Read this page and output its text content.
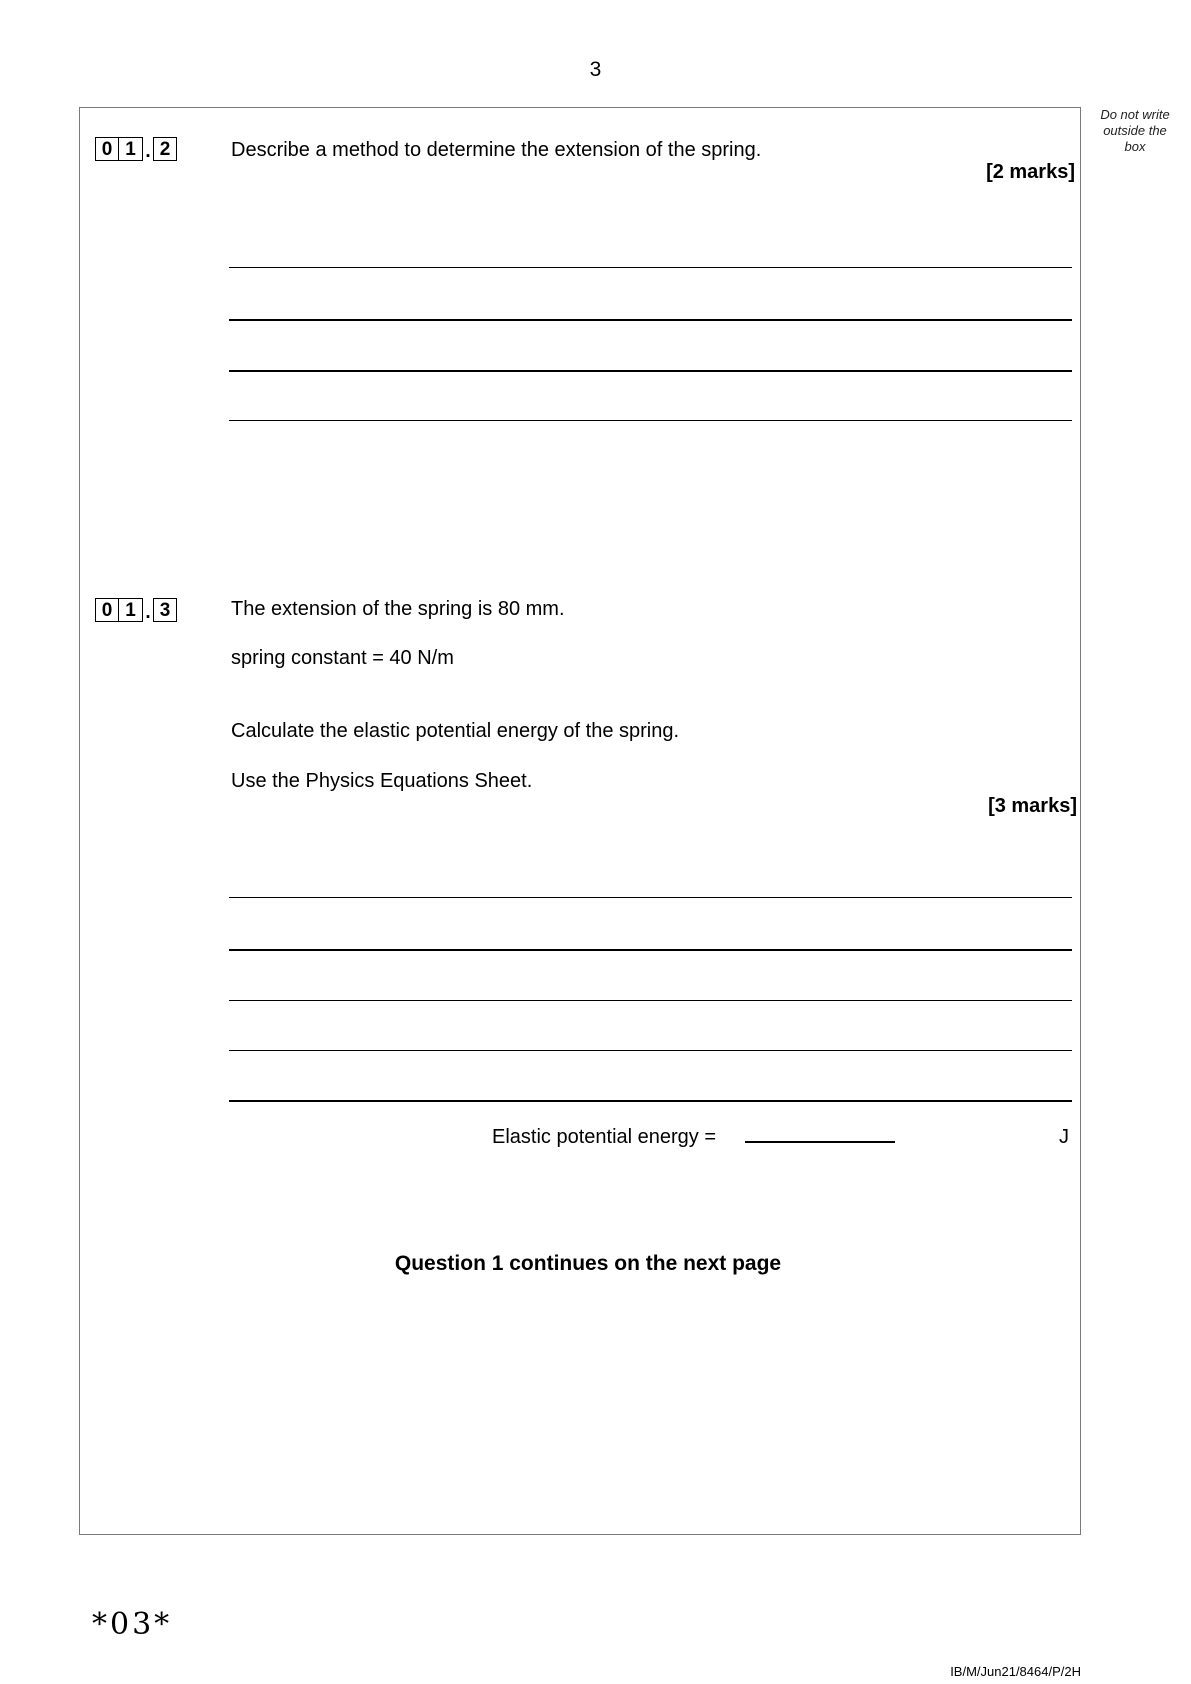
3
Do not write outside the box
0 1 . 2	Describe a method to determine the extension of the spring.
[2 marks]
0 1 . 3	The extension of the spring is 80 mm.
spring constant = 40 N/m
Calculate the elastic potential energy of the spring.
Use the Physics Equations Sheet.
[3 marks]
Elastic potential energy =	J
Question 1 continues on the next page
*03*
IB/M/Jun21/8464/P/2H
